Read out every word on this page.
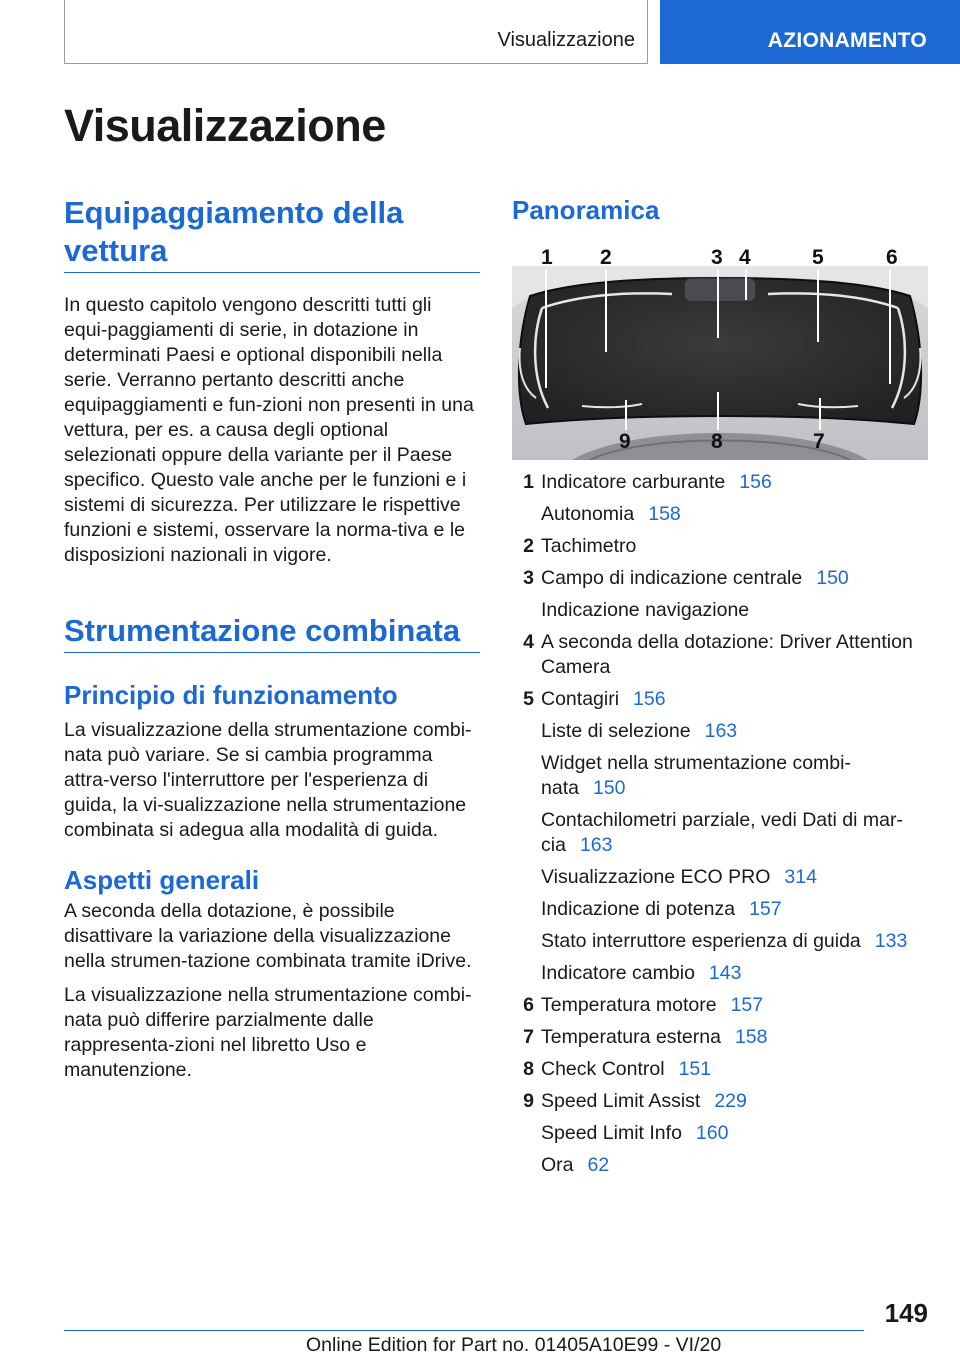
Visualizzazione	AZIONAMENTO
Visualizzazione
Equipaggiamento della
vettura

In questo capitolo vengono descritti tutti gli equi-paggiamenti di serie, in dotazione in determinati Paesi e optional disponibili nella serie. Verranno pertanto descritti anche equipaggiamenti e fun-zioni non presenti in una vettura, per es. a causa degli optional selezionati oppure della variante per il Paese specifico. Questo vale anche per le funzioni e i sistemi di sicurezza. Per utilizzare le rispettive funzioni e sistemi, osservare la norma-tiva e le disposizioni nazionali in vigore.

Strumentazione combinata
Principio di funzionamento

La visualizzazione della strumentazione combi-nata può variare. Se si cambia programma attra-verso l'interruttore per l'esperienza di guida, la vi-sualizzazione nella strumentazione combinata si adegua alla modalità di guida.

Aspetti generali

A seconda della dotazione, è possibile disattivare la variazione della visualizzazione nella strumen-tazione combinata tramite iDrive.

La visualizzazione nella strumentazione combi-nata può differire parzialmente dalle rappresenta-zioni nel libretto Uso e manutenzione.

Panoramica
1 2	3 4	5	6
7
8
9
1 Indicatore carburante 156
Autonomia 158
2 Tachimetro
3 Campo di indicazione centrale 150
Indicazione navigazione
4 A seconda della dotazione: Driver Attention Camera
5 Contagiri 156
Liste di selezione 163
Widget nella strumentazione combi-nata 150
Contachilometri parziale, vedi Dati di mar-cia 163
Visualizzazione ECO PRO 314
Indicazione di potenza 157
Stato interruttore esperienza di guida 133
Indicatore cambio 143
6 Temperatura motore 157
7 Temperatura esterna 158
8 Check Control 151
9 Speed Limit Assist 229
Speed Limit Info 160
Ora 62
149
Online Edition for Part no. 01405A10E99 - VI/20
